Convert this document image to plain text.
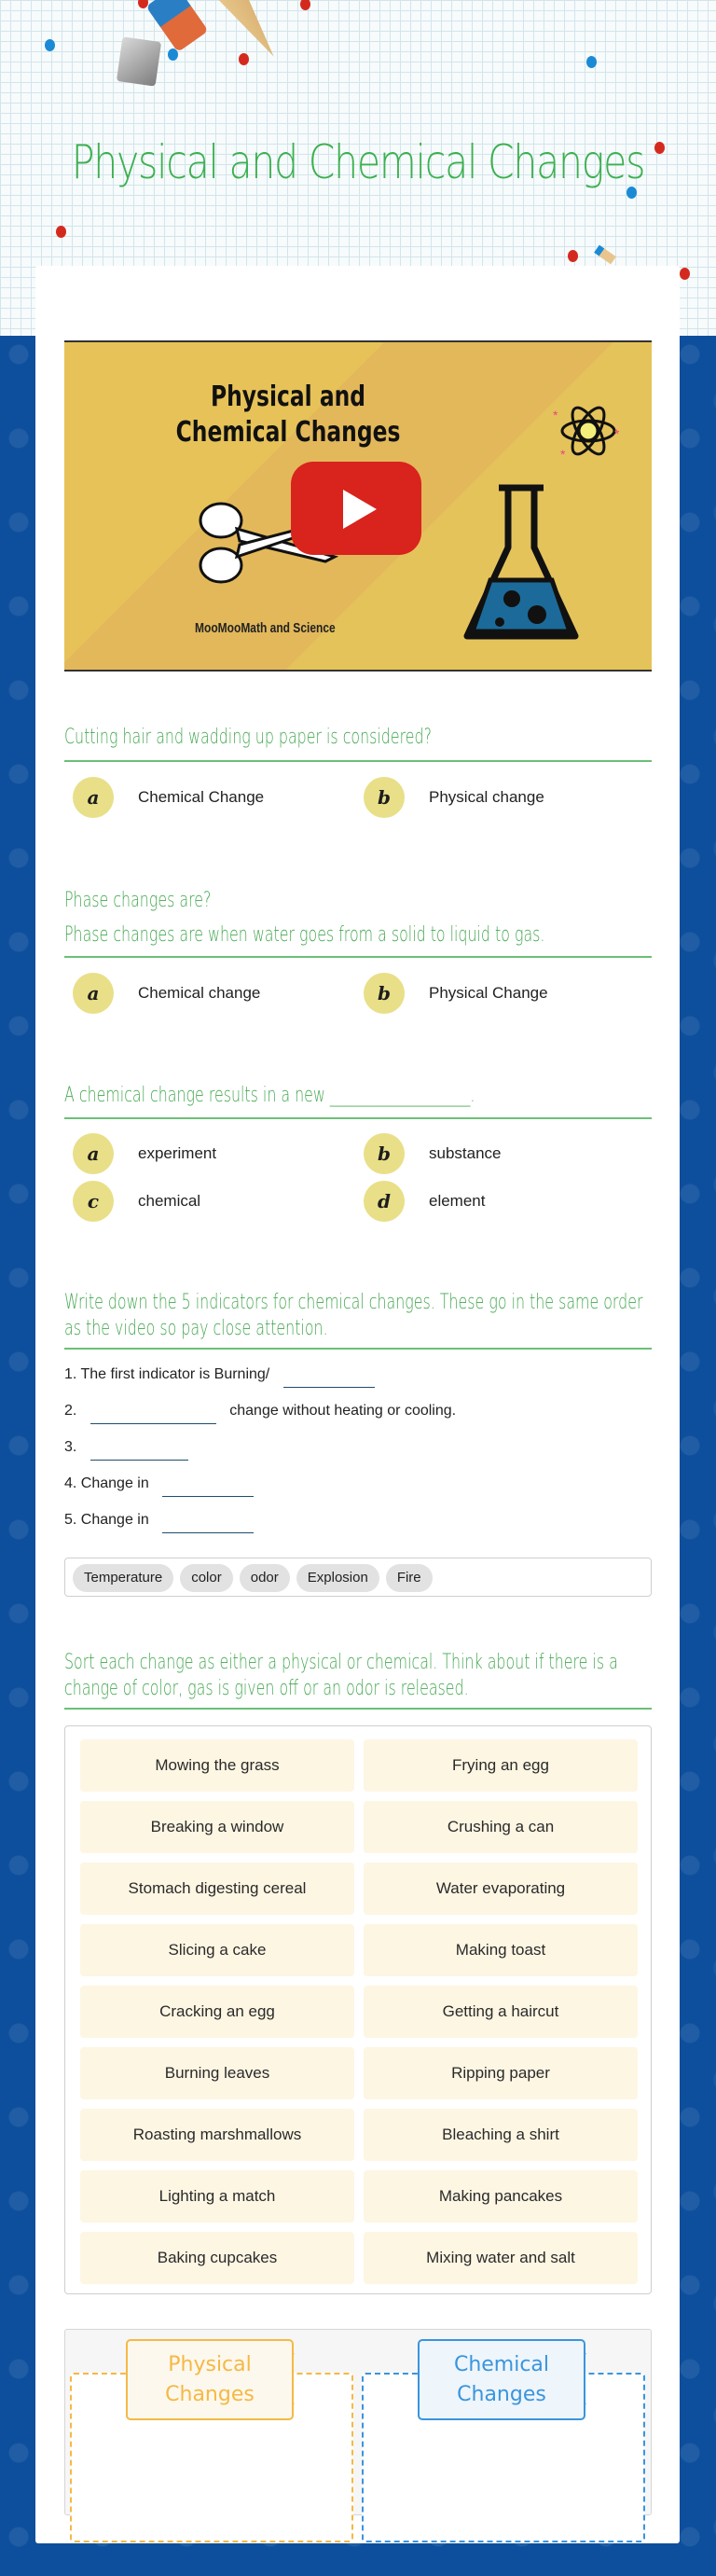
Physical and Chemical Changes
Physical and Chemical Changes
*
*
*
MooMooMath and Science
Cutting hair and wadding up paper is considered?
a	Chemical Change	b	Physical change
Phase changes are?
Phase changes are when water goes from a solid to liquid to gas.
a	Chemical change	b	Physical Change
A chemical change results in a new ___________________.
a	experiment	b	substance
c	chemical	d	element
Write down the 5 indicators for chemical changes. These go in the same order as the video so pay close attention.
1. The first indicator is Burning/
2.	change without heating or cooling.
3.
4. Change in
5. Change in
Temperature	color	odor	Explosion	Fire
Sort each change as either a physical or chemical. Think about if there is a change of color, gas is given off or an odor is released.
Mowing the grass	Frying an egg
Breaking a window	Crushing a can
Stomach digesting cereal	Water evaporating
Slicing a cake	Making toast
Cracking an egg	Getting a haircut
Burning leaves	Ripping paper
Roasting marshmallows	Bleaching a shirt
Lighting a match	Making pancakes
Baking cupcakes	Mixing water and salt
Physical Changes
Chemical Changes
